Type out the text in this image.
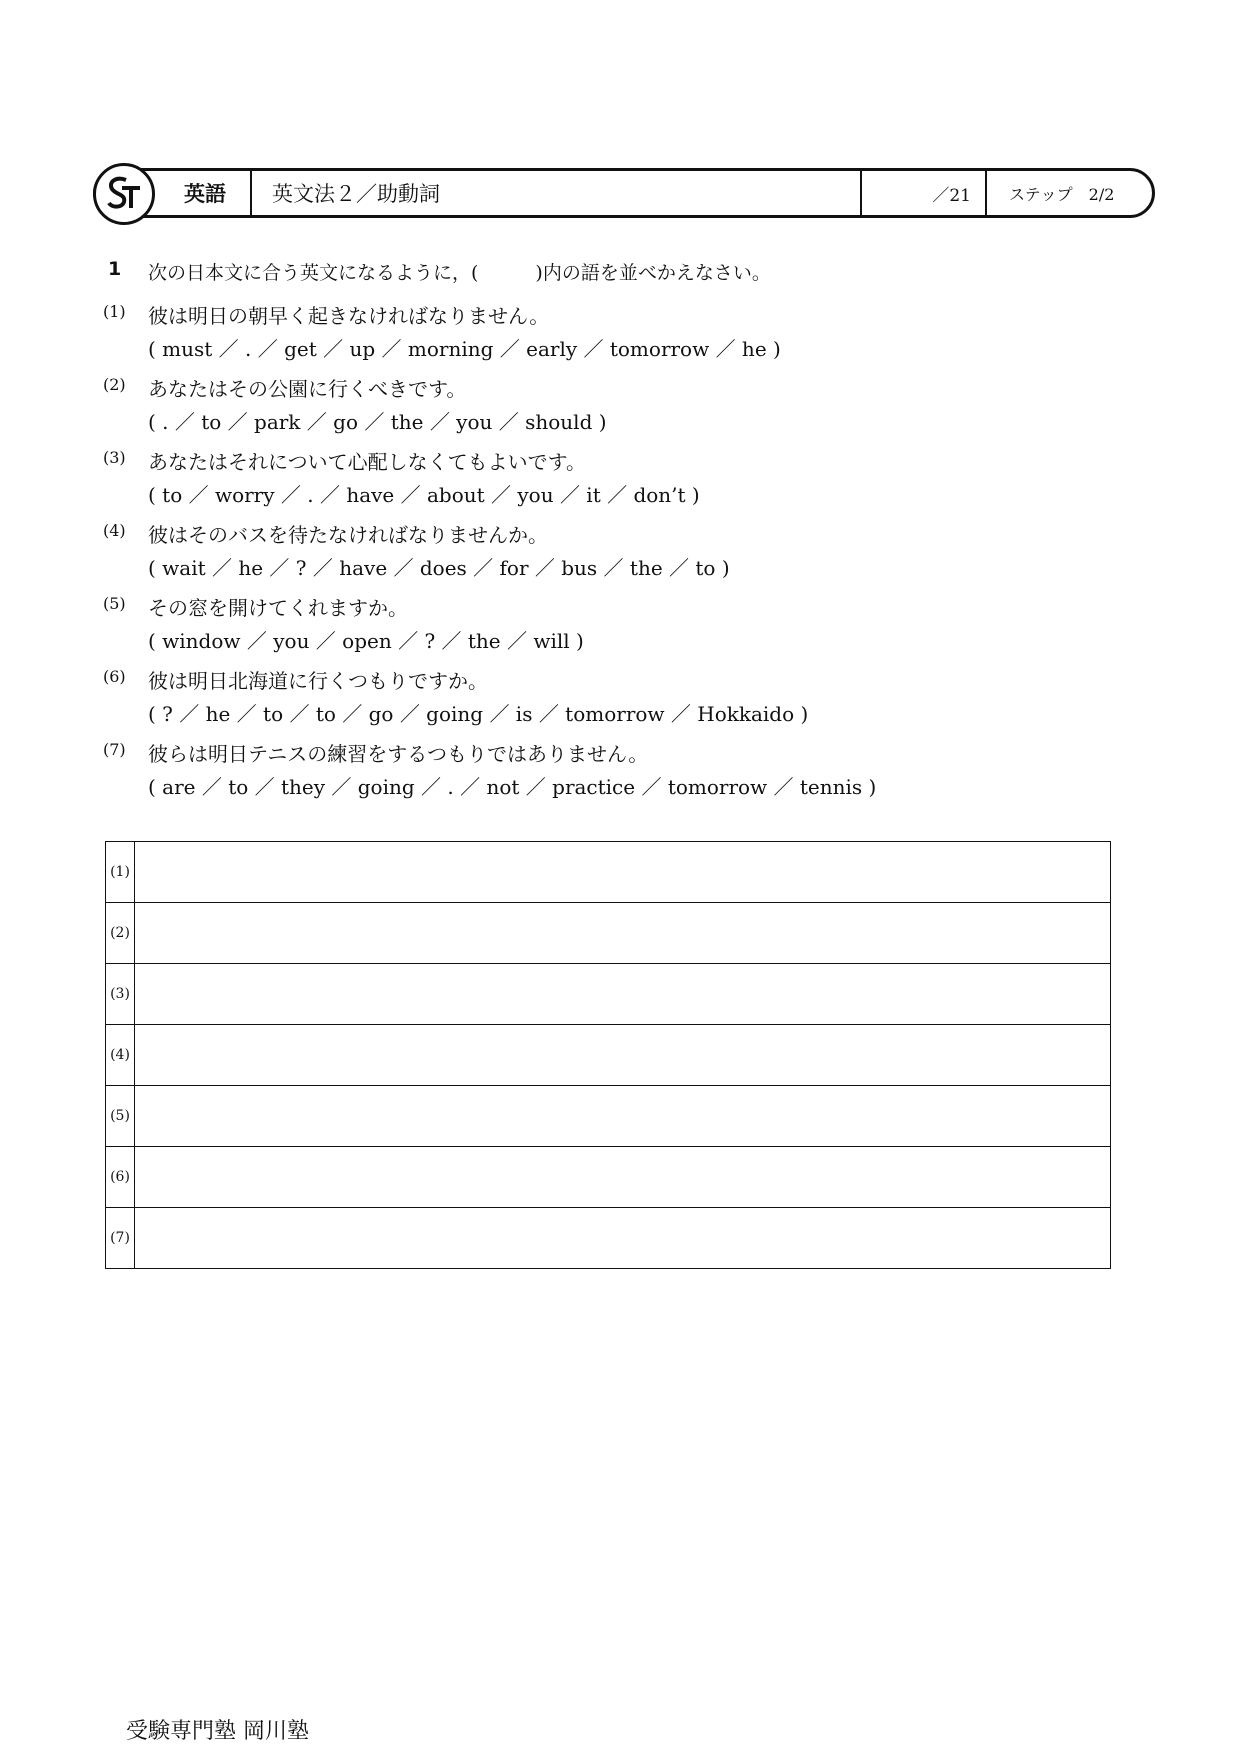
英語	英文法２／助動詞	／21	ステップ　2/2
1	次の日本文に合う英文になるように，(　　　)内の語を並べかえなさい。
(1)	彼は明日の朝早く起きなければなりません。
( must ／ . ／ get ／ up ／ morning ／ early ／ tomorrow ／ he )
(2)	あなたはその公園に行くべきです。
( . ／ to ／ park ／ go ／ the ／ you ／ should )
(3)	あなたはそれについて心配しなくてもよいです。
( to ／ worry ／ . ／ have ／ about ／ you ／ it ／ don’t )
(4)	彼はそのバスを待たなければなりませんか。
( wait ／ he ／ ? ／ have ／ does ／ for ／ bus ／ the ／ to )
(5)	その窓を開けてくれますか。
( window ／ you ／ open ／ ? ／ the ／ will )
(6)	彼は明日北海道に行くつもりですか。
( ? ／ he ／ to ／ to ／ go ／ going ／ is ／ tomorrow ／ Hokkaido )
(7)	彼らは明日テニスの練習をするつもりではありません。
( are ／ to ／ they ／ going ／ . ／ not ／ practice ／ tomorrow ／ tennis )
(1)	
(2)	
(3)	
(4)	
(5)	
(6)	
(7)	
受験専門塾 岡川塾
